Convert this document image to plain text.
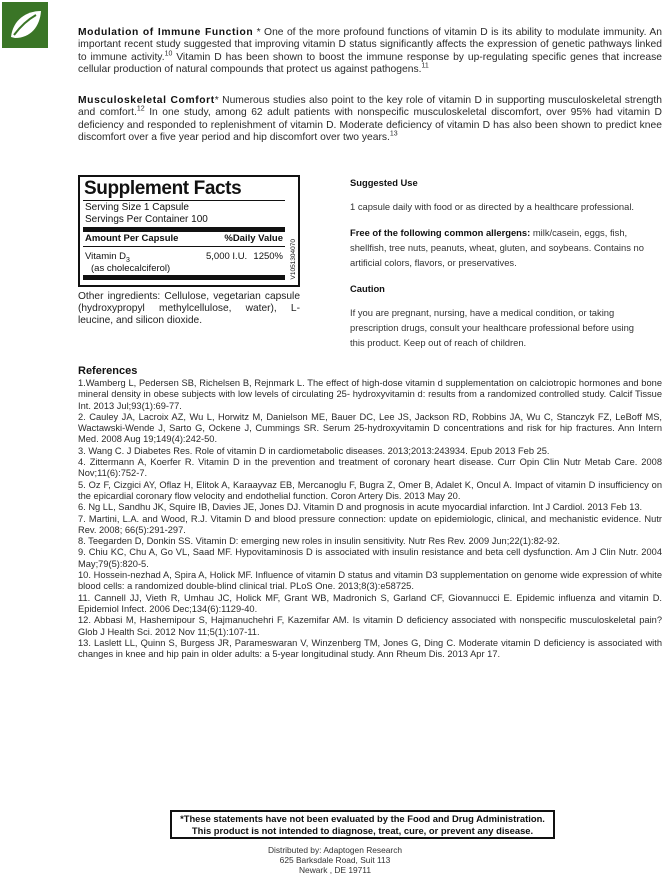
Modulation of Immune Function * One of the more profound functions of vitamin D is its ability to modulate immunity. An important recent study suggested that improving vitamin D status significantly affects the expression of genetic pathways linked to immune activity.$^{10}$ Vitamin D has been shown to boost the immune response by up-regulating specific genes that increase cellular production of natural compounds that protect us against pathogens.$^{11}$

Musculoskeletal Comfort* Numerous studies also point to the key role of vitamin D in supporting musculoskeletal strength and comfort.$^{12}$ In one study, among 62 adult patients with nonspecific musculoskeletal discomfort, over 95% had vitamin D deficiency and responded to replenishment of vitamin D. Moderate deficiency of vitamin D has also been shown to predict knee discomfort over a five year period and hip discomfort over two years.$^{13}$

Supplement Facts
Serving Size 1 Capsule
Servings Per Container 100
Amount Per Capsule	%Daily Value
Vitamin $D_3$
(as cholecalciferol)
5,000 I.U. 1250% V1051304070

Other ingredients: Cellulose, vegetarian capsule (hydroxypropyl methylcellulose, water), L-leucine, and silicon dioxide.

Suggested Use
1 capsule daily with food or as directed by a healthcare professional.
Free of the following common allergens: milk/casein, eggs, fish, shellfish, tree nuts, peanuts, wheat, gluten, and soybeans. Contains no artificial colors, flavors, or preservatives.
Caution
If you are pregnant, nursing, have a medical condition, or taking prescription drugs, consult your healthcare professional before using this product. Keep out of reach of children.
References
1.Wamberg L, Pedersen SB, Richelsen B, Rejnmark L. The effect of high-dose vitamin d supplementation on calciotropic hormones and bone mineral density in obese subjects with low levels of circulating 25- hydroxyvitamin d: results from a randomized controlled study. Calcif Tissue Int. 2013 Jul;93(1):69-77.
2. Cauley JA, Lacroix AZ, Wu L, Horwitz M, Danielson ME, Bauer DC, Lee JS, Jackson RD, Robbins JA, Wu C, Stanczyk FZ, LeBoff MS, Wactawski-Wende J, Sarto G, Ockene J, Cummings SR. Serum 25-hydroxyvitamin D concentrations and risk for hip fractures. Ann Intern Med. 2008 Aug 19;149(4):242-50.
3. Wang C. J Diabetes Res. Role of vitamin D in cardiometabolic diseases. 2013;2013:243934. Epub 2013 Feb 25.
4. Zittermann A, Koerfer R. Vitamin D in the prevention and treatment of coronary heart disease. Curr Opin Clin Nutr Metab Care. 2008 Nov;11(6):752-7.
5. Oz F, Cizgici AY, Oflaz H, Elitok A, Karaayvaz EB, Mercanoglu F, Bugra Z, Omer B, Adalet K, Oncul A. Impact of vitamin D insufficiency on the epicardial coronary flow velocity and endothelial function. Coron Artery Dis. 2013 May 20.
6. Ng LL, Sandhu JK, Squire IB, Davies JE, Jones DJ. Vitamin D and prognosis in acute myocardial infarction. Int J Cardiol. 2013 Feb 13.
7. Martini, L.A. and Wood, R.J. Vitamin D and blood pressure connection: update on epidemiologic, clinical, and mechanistic evidence. Nutr Rev. 2008; 66(5):291-297.
8. Teegarden D, Donkin SS. Vitamin D: emerging new roles in insulin sensitivity. Nutr Res Rev. 2009 Jun;22(1):82-92.
9. Chiu KC, Chu A, Go VL, Saad MF. Hypovitaminosis D is associated with insulin resistance and beta cell dysfunction. Am J Clin Nutr. 2004 May;79(5):820-5.
10. Hossein-nezhad A, Spira A, Holick MF. Influence of vitamin D status and vitamin D3 supplementation on genome wide expression of white blood cells: a randomized double-blind clinical trial. PLoS One. 2013;8(3):e58725.
11. Cannell JJ, Vieth R, Umhau JC, Holick MF, Grant WB, Madronich S, Garland CF, Giovannucci E. Epidemic influenza and vitamin D. Epidemiol Infect. 2006 Dec;134(6):1129-40.
12. Abbasi M, Hashemipour S, Hajmanuchehri F, Kazemifar AM. Is vitamin D deficiency associated with nonspecific musculoskeletal pain? Glob J Health Sci. 2012 Nov 11;5(1):107-11.
13. Laslett LL, Quinn S, Burgess JR, Parameswaran V, Winzenberg TM, Jones G, Ding C. Moderate vitamin D deficiency is associated with changes in knee and hip pain in older adults: a 5-year longitudinal study. Ann Rheum Dis. 2013 Apr 17.
*These statements have not been evaluated by the Food and Drug Administration.
This product is not intended to diagnose, treat, cure, or prevent any disease.
Distributed by: Adaptogen Research
625 Barksdale Road, Suit 113
Newark , DE 19711
